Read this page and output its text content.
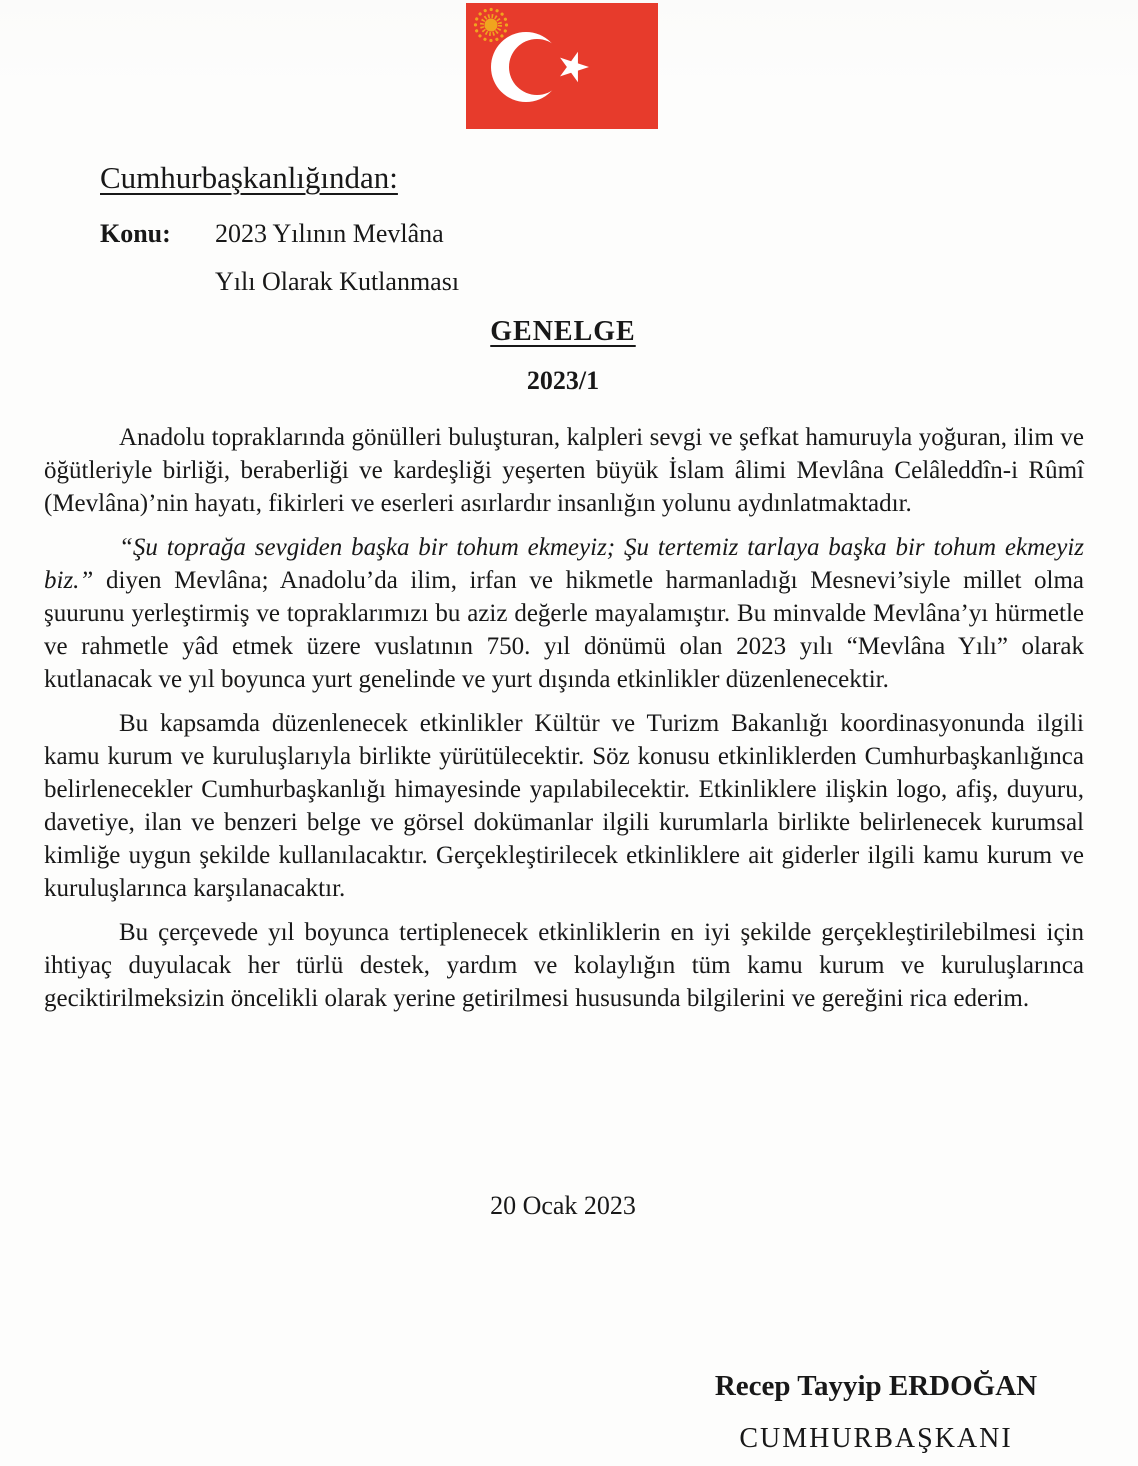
Cumhurbaşkanlığından:
Konu: 2023 Yılının Mevlâna
Yılı Olarak Kutlanması
GENELGE
2023/1

Anadolu topraklarında gönülleri buluşturan, kalpleri sevgi ve şefkat hamuruyla yoğuran, ilim ve öğütleriyle birliği, beraberliği ve kardeşliği yeşerten büyük İslam âlimi Mevlâna Celâleddîn-i Rûmî (Mevlâna)’nin hayatı, fikirleri ve eserleri asırlardır insanlığın yolunu aydınlatmaktadır.

“Şu toprağa sevgiden başka bir tohum ekmeyiz; Şu tertemiz tarlaya başka bir tohum ekmeyiz biz.” diyen Mevlâna; Anadolu’da ilim, irfan ve hikmetle harmanladığı Mesnevi’siyle millet olma şuurunu yerleştirmiş ve topraklarımızı bu aziz değerle mayalamıştır. Bu minvalde Mevlâna’yı hürmetle ve rahmetle yâd etmek üzere vuslatının 750. yıl dönümü olan 2023 yılı “Mevlâna Yılı” olarak kutlanacak ve yıl boyunca yurt genelinde ve yurt dışında etkinlikler düzenlenecektir.

Bu kapsamda düzenlenecek etkinlikler Kültür ve Turizm Bakanlığı koordinasyonunda ilgili kamu kurum ve kuruluşlarıyla birlikte yürütülecektir. Söz konusu etkinliklerden Cumhurbaşkanlığınca belirlenecekler Cumhurbaşkanlığı himayesinde yapılabilecektir. Etkinliklere ilişkin logo, afiş, duyuru, davetiye, ilan ve benzeri belge ve görsel dokümanlar ilgili kurumlarla birlikte belirlenecek kurumsal kimliğe uygun şekilde kullanılacaktır. Gerçekleştirilecek etkinliklere ait giderler ilgili kamu kurum ve kuruluşlarınca karşılanacaktır.

Bu çerçevede yıl boyunca tertiplenecek etkinliklerin en iyi şekilde gerçekleştirilebilmesi için ihtiyaç duyulacak her türlü destek, yardım ve kolaylığın tüm kamu kurum ve kuruluşlarınca geciktirilmeksizin öncelikli olarak yerine getirilmesi hususunda bilgilerini ve gereğini rica ederim.

20 Ocak 2023
Recep Tayyip ERDOĞAN
CUMHURBAŞKANI
